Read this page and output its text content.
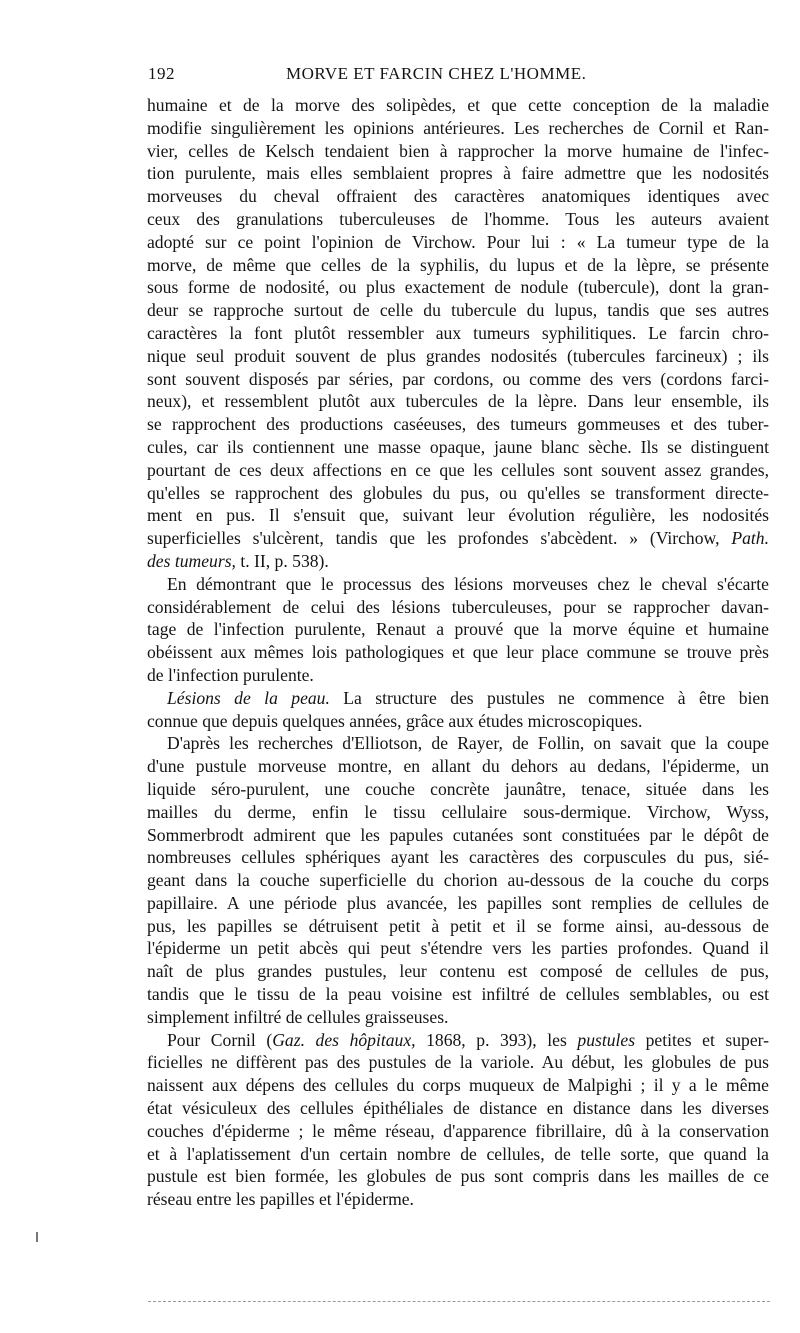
192	MORVE ET FARCIN CHEZ L'HOMME.
humaine et de la morve des solipèdes, et que cette conception de la maladie
modifie singulièrement les opinions antérieures. Les recherches de Cornil et Ran-
vier, celles de Kelsch tendaient bien à rapprocher la morve humaine de l'infec-
tion purulente, mais elles semblaient propres à faire admettre que les nodosités
morveuses du cheval offraient des caractères anatomiques identiques avec
ceux des granulations tuberculeuses de l'homme. Tous les auteurs avaient
adopté sur ce point l'opinion de Virchow. Pour lui : « La tumeur type de la
morve, de même que celles de la syphilis, du lupus et de la lèpre, se présente
sous forme de nodosité, ou plus exactement de nodule (tubercule), dont la gran-
deur se rapproche surtout de celle du tubercule du lupus, tandis que ses autres
caractères la font plutôt ressembler aux tumeurs syphilitiques. Le farcin chro-
nique seul produit souvent de plus grandes nodosités (tubercules farcineux) ; ils
sont souvent disposés par séries, par cordons, ou comme des vers (cordons farci-
neux), et ressemblent plutôt aux tubercules de la lèpre. Dans leur ensemble, ils
se rapprochent des productions caséeuses, des tumeurs gommeuses et des tuber-
cules, car ils contiennent une masse opaque, jaune blanc sèche. Ils se distinguent
pourtant de ces deux affections en ce que les cellules sont souvent assez grandes,
qu'elles se rapprochent des globules du pus, ou qu'elles se transforment directe-
ment en pus. Il s'ensuit que, suivant leur évolution régulière, les nodosités
superficielles s'ulcèrent, tandis que les profondes s'abcèdent. » (Virchow, Path.
des tumeurs, t. II, p. 538).
En démontrant que le processus des lésions morveuses chez le cheval s'écarte
considérablement de celui des lésions tuberculeuses, pour se rapprocher davan-
tage de l'infection purulente, Renaut a prouvé que la morve équine et humaine
obéissent aux mêmes lois pathologiques et que leur place commune se trouve près
de l'infection purulente.
Lésions de la peau. La structure des pustules ne commence à être bien
connue que depuis quelques années, grâce aux études microscopiques.
D'après les recherches d'Elliotson, de Rayer, de Follin, on savait que la coupe
d'une pustule morveuse montre, en allant du dehors au dedans, l'épiderme, un
liquide séro-purulent, une couche concrète jaunâtre, tenace, située dans les
mailles du derme, enfin le tissu cellulaire sous-dermique. Virchow, Wyss,
Sommerbrodt admirent que les papules cutanées sont constituées par le dépôt de
nombreuses cellules sphériques ayant les caractères des corpuscules du pus, sié-
geant dans la couche superficielle du chorion au-dessous de la couche du corps
papillaire. A une période plus avancée, les papilles sont remplies de cellules de
pus, les papilles se détruisent petit à petit et il se forme ainsi, au-dessous de
l'épiderme un petit abcès qui peut s'étendre vers les parties profondes. Quand il
naît de plus grandes pustules, leur contenu est composé de cellules de pus,
tandis que le tissu de la peau voisine est infiltré de cellules semblables, ou est
simplement infiltré de cellules graisseuses.
Pour Cornil (Gaz. des hôpitaux, 1868, p. 393), les pustules petites et super-
ficielles ne diffèrent pas des pustules de la variole. Au début, les globules de pus
naissent aux dépens des cellules du corps muqueux de Malpighi ; il y a le même
état vésiculeux des cellules épithéliales de distance en distance dans les diverses
couches d'épiderme ; le même réseau, d'apparence fibrillaire, dû à la conservation
et à l'aplatissement d'un certain nombre de cellules, de telle sorte, que quand la
pustule est bien formée, les globules de pus sont compris dans les mailles de ce
réseau entre les papilles et l'épiderme.
